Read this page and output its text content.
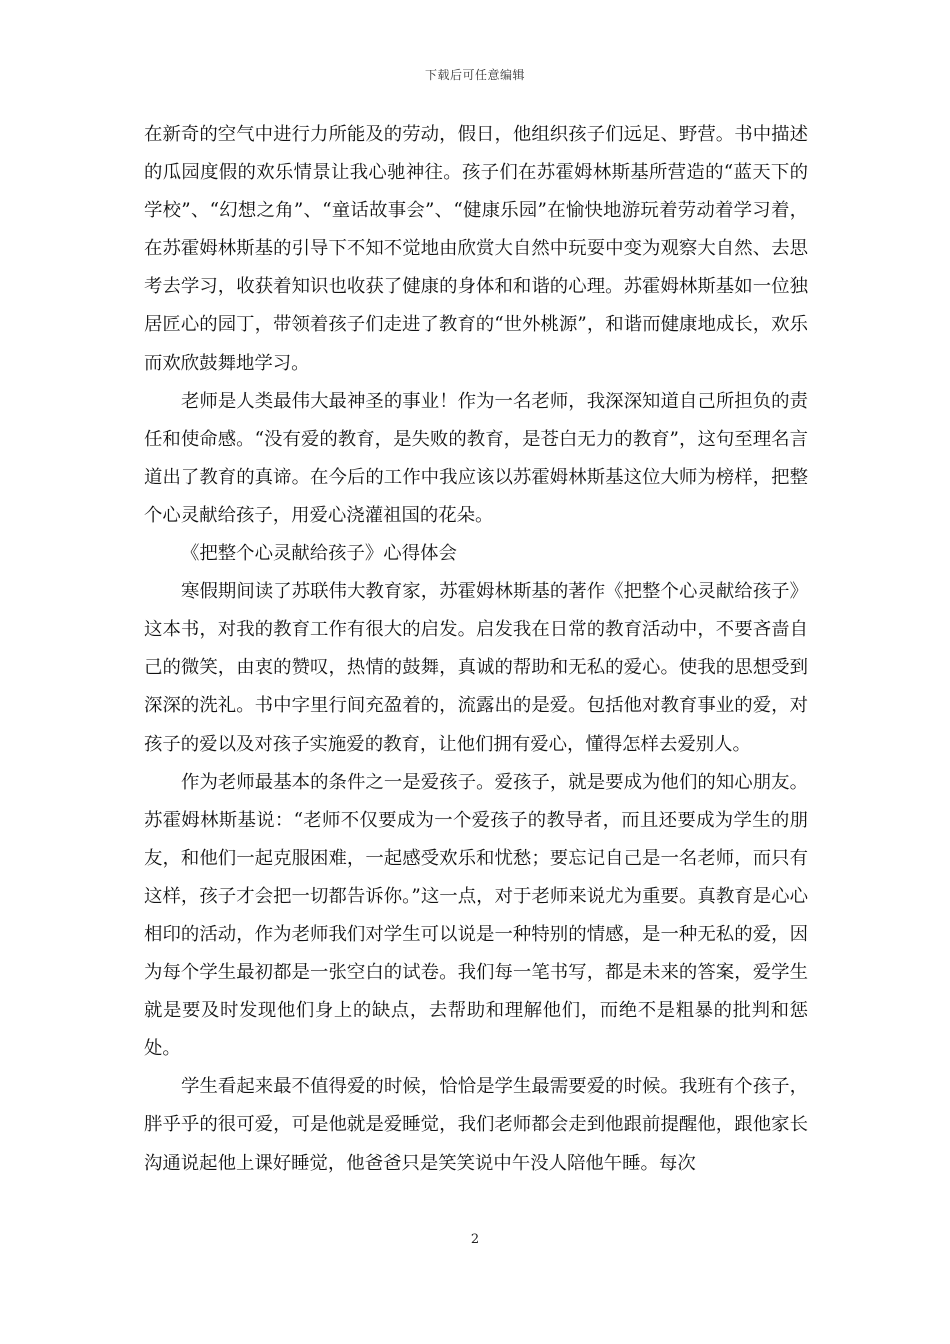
下载后可任意编辑

在新奇的空气中进行力所能及的劳动，假日，他组织孩子们远足、野营。书中描述的瓜园度假的欢乐情景让我心驰神往。孩子们在苏霍姆林斯基所营造的“蓝天下的学校”、“幻想之角”、“童话故事会”、“健康乐园”在愉快地游玩着劳动着学习着，在苏霍姆林斯基的引导下不知不觉地由欣赏大自然中玩耍中变为观察大自然、去思考去学习，收获着知识也收获了健康的身体和和谐的心理。苏霍姆林斯基如一位独居匠心的园丁，带领着孩子们走进了教育的“世外桃源”，和谐而健康地成长，欢乐而欢欣鼓舞地学习。

老师是人类最伟大最神圣的事业！作为一名老师，我深深知道自己所担负的责任和使命感。“没有爱的教育，是失败的教育，是苍白无力的教育”，这句至理名言道出了教育的真谛。在今后的工作中我应该以苏霍姆林斯基这位大师为榜样，把整个心灵献给孩子，用爱心浇灌祖国的花朵。

《把整个心灵献给孩子》心得体会

寒假期间读了苏联伟大教育家，苏霍姆林斯基的著作《把整个心灵献给孩子》这本书，对我的教育工作有很大的启发。启发我在日常的教育活动中，不要吝啬自己的微笑，由衷的赞叹，热情的鼓舞，真诚的帮助和无私的爱心。使我的思想受到深深的洗礼。书中字里行间充盈着的，流露出的是爱。包括他对教育事业的爱，对孩子的爱以及对孩子实施爱的教育，让他们拥有爱心，懂得怎样去爱别人。

作为老师最基本的条件之一是爱孩子。爱孩子，就是要成为他们的知心朋友。苏霍姆林斯基说：“老师不仅要成为一个爱孩子的教导者，而且还要成为学生的朋友，和他们一起克服困难，一起感受欢乐和忧愁；要忘记自己是一名老师，而只有这样，孩子才会把一切都告诉你。”这一点，对于老师来说尤为重要。真教育是心心相印的活动，作为老师我们对学生可以说是一种特别的情感，是一种无私的爱，因为每个学生最初都是一张空白的试卷。我们每一笔书写，都是未来的答案，爱学生就是要及时发现他们身上的缺点，去帮助和理解他们，而绝不是粗暴的批判和惩处。

学生看起来最不值得爱的时候，恰恰是学生最需要爱的时候。我班有个孩子，胖乎乎的很可爱，可是他就是爱睡觉，我们老师都会走到他跟前提醒他，跟他家长沟通说起他上课好睡觉，他爸爸只是笑笑说中午没人陪他午睡。每次

2
